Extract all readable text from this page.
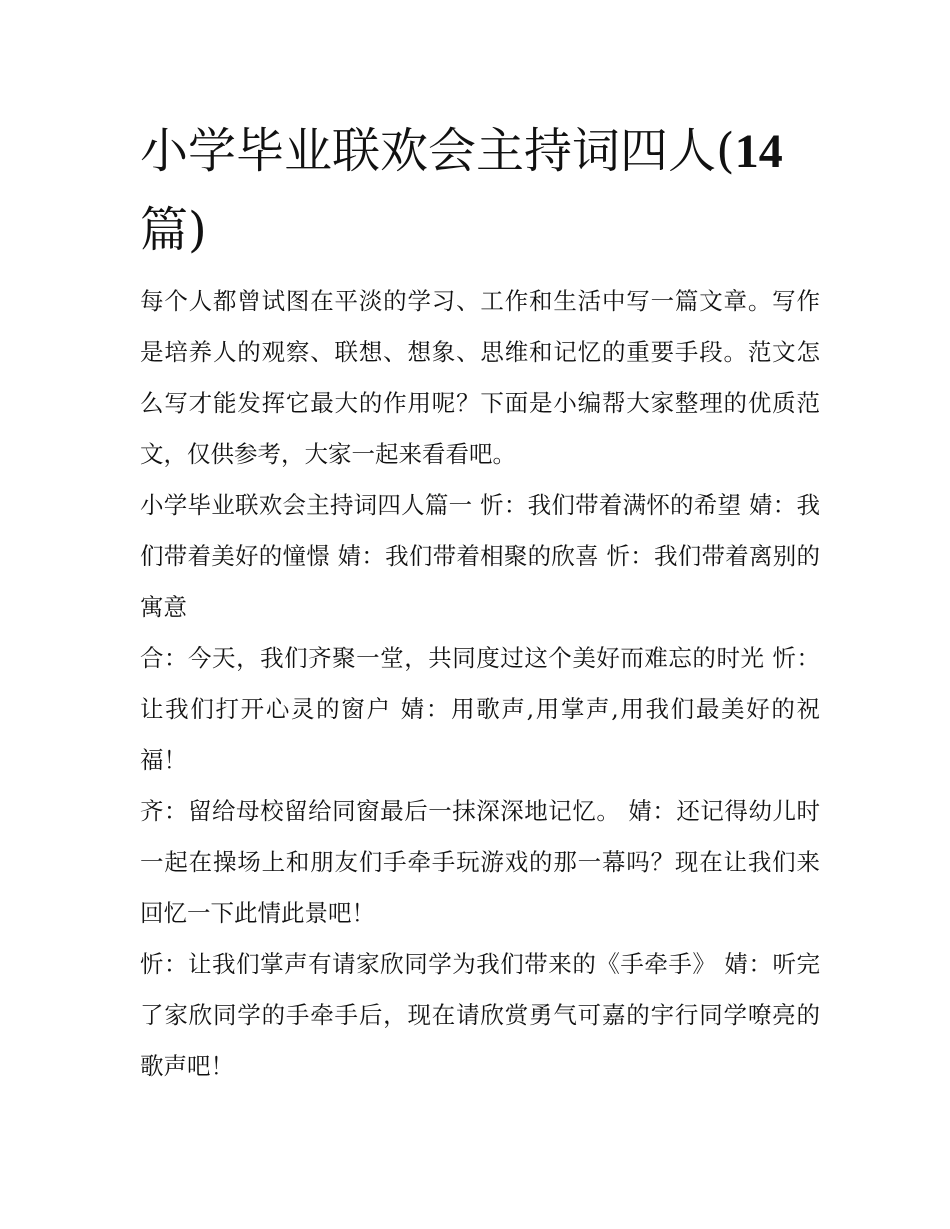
小学毕业联欢会主持词四人(14
篇)

每个人都曾试图在平淡的学习、工作和生活中写一篇文章。写作是培养人的观察、联想、想象、思维和记忆的重要手段。范文怎么写才能发挥它最大的作用呢？下面是小编帮大家整理的优质范文，仅供参考，大家一起来看看吧。

小学毕业联欢会主持词四人篇一 忻：我们带着满怀的希望 婧：我们带着美好的憧憬 婧：我们带着相聚的欣喜 忻：我们带着离别的寓意

合：今天，我们齐聚一堂，共同度过这个美好而难忘的时光 忻：让我们打开心灵的窗户 婧：用歌声,用掌声,用我们最美好的祝福！

齐：留给母校留给同窗最后一抹深深地记忆。 婧：还记得幼儿时一起在操场上和朋友们手牵手玩游戏的那一幕吗？现在让我们来回忆一下此情此景吧！

忻：让我们掌声有请家欣同学为我们带来的《手牵手》 婧：听完了家欣同学的手牵手后，现在请欣赏勇气可嘉的宇行同学嘹亮的歌声吧！
